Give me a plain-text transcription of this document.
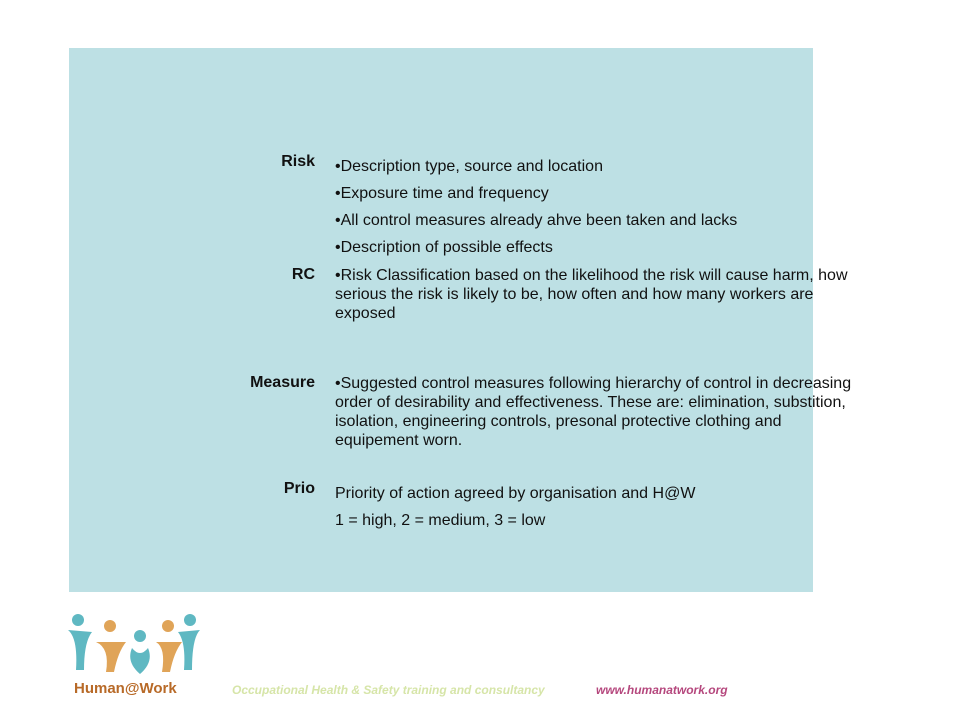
Risk •Description type, source and location
•Exposure time and frequency
•All control measures already ahve been taken and lacks
•Description of possible effects
RC •Risk Classification based on the likelihood the risk will cause harm, how serious the risk is likely to be, how often and how many workers are exposed
Measure •Suggested control measures following hierarchy of control in decreasing order of desirability and effectiveness. These are: elimination, substition, isolation, engineering controls, presonal protective clothing and equipement worn.
Prio Priority of action agreed by organisation and H@W
1 = high, 2 = medium, 3 = low
Human@Work	Occupational Health & Safety training and consultancy	www.humanatwork.org
